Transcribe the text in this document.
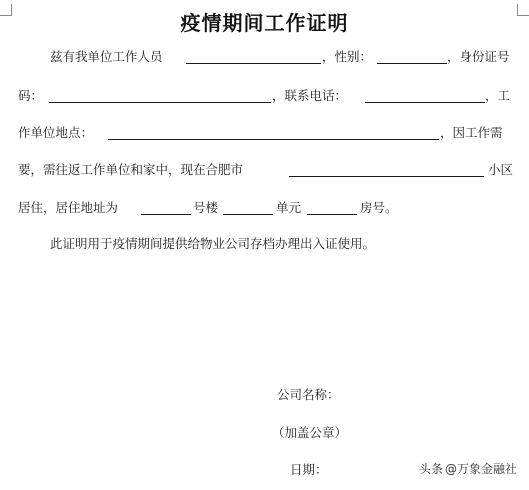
疫情期间工作证明
兹有我单位工作人员	，性别：	，身份证号
码：	，联系电话：	，工
作单位地点：	，因工作需
要，需往返工作单位和家中，现在合肥市	小区
居住，居住地址为	号楼	单元	房号。
此证明用于疫情期间提供给物业公司存档办理出入证使用。
公司名称：
（加盖公章）
日期：	头条 @万象金融社
